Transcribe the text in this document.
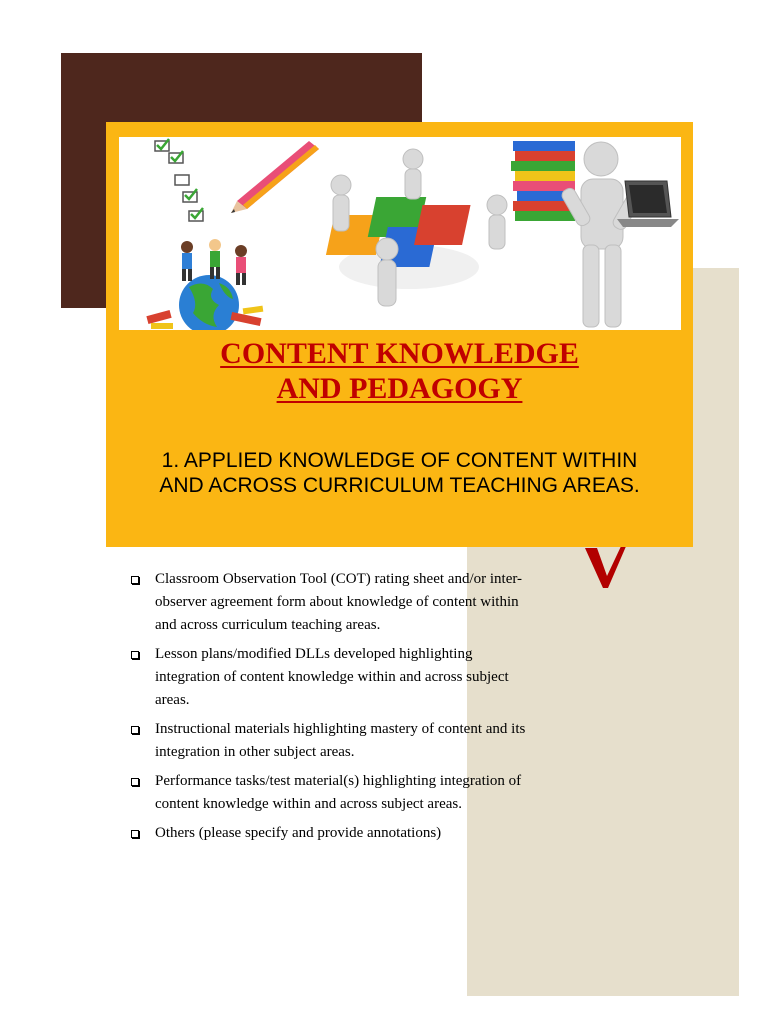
CONTENT KNOWLEDGE
AND PEDAGOGY
1. APPLIED KNOWLEDGE OF CONTENT WITHIN
AND ACROSS CURRICULUM TEACHING AREAS.
Classroom Observation Tool (COT) rating sheet and/or inter-observer agreement form about knowledge of content within and across curriculum teaching areas.
Lesson plans/modified DLLs developed highlighting integration of content knowledge within and across subject areas.
Instructional materials highlighting mastery of content and its integration in other subject areas.
Performance tasks/test material(s) highlighting integration of content knowledge within and across subject areas.
Others (please specify and provide annotations)
